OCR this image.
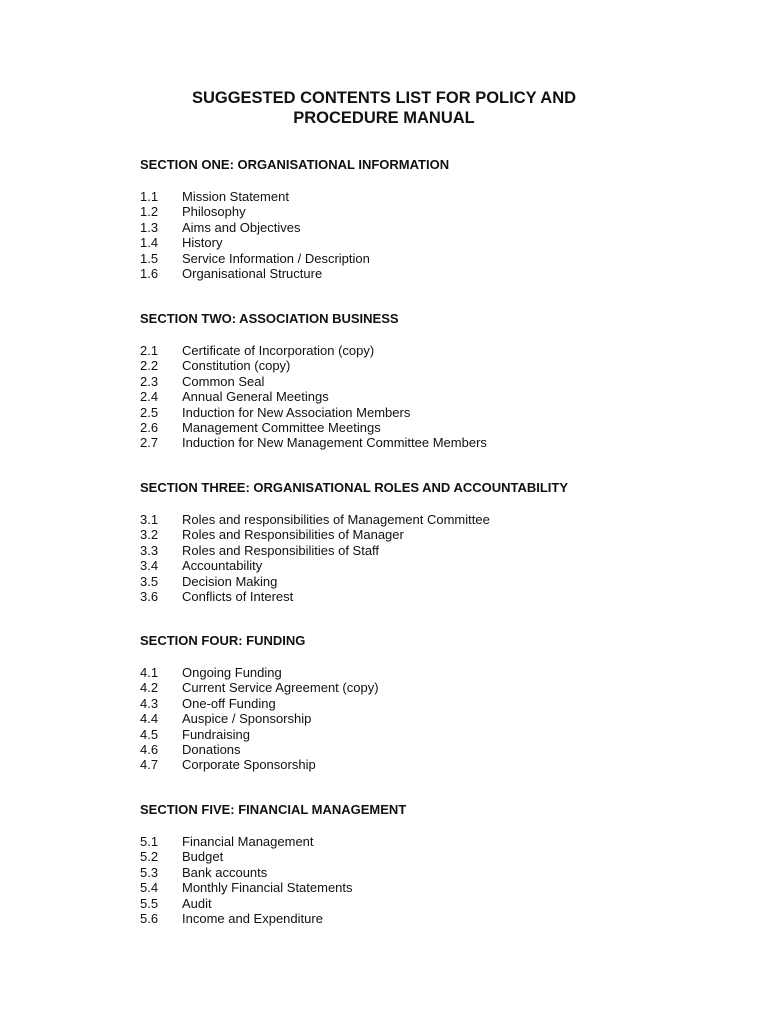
SUGGESTED CONTENTS LIST FOR POLICY AND
PROCEDURE MANUAL
SECTION ONE: ORGANISATIONAL INFORMATION
1.1	Mission Statement
1.2	Philosophy
1.3	Aims and Objectives
1.4	History
1.5	Service Information / Description
1.6	Organisational Structure
SECTION TWO: ASSOCIATION BUSINESS
2.1	Certificate of Incorporation (copy)
2.2	Constitution (copy)
2.3	Common Seal
2.4	Annual General Meetings
2.5	Induction for New Association Members
2.6	Management Committee Meetings
2.7	Induction for New Management Committee Members
SECTION THREE: ORGANISATIONAL ROLES AND ACCOUNTABILITY
3.1	Roles and responsibilities of Management Committee
3.2	Roles and Responsibilities of Manager
3.3	Roles and Responsibilities of Staff
3.4	Accountability
3.5	Decision Making
3.6	Conflicts of Interest
SECTION FOUR: FUNDING
4.1	Ongoing Funding
4.2	Current Service Agreement (copy)
4.3	One-off Funding
4.4	Auspice / Sponsorship
4.5	Fundraising
4.6	Donations
4.7	Corporate Sponsorship
SECTION FIVE: FINANCIAL MANAGEMENT
5.1	Financial Management
5.2	Budget
5.3	Bank accounts
5.4	Monthly Financial Statements
5.5	Audit
5.6	Income and Expenditure
